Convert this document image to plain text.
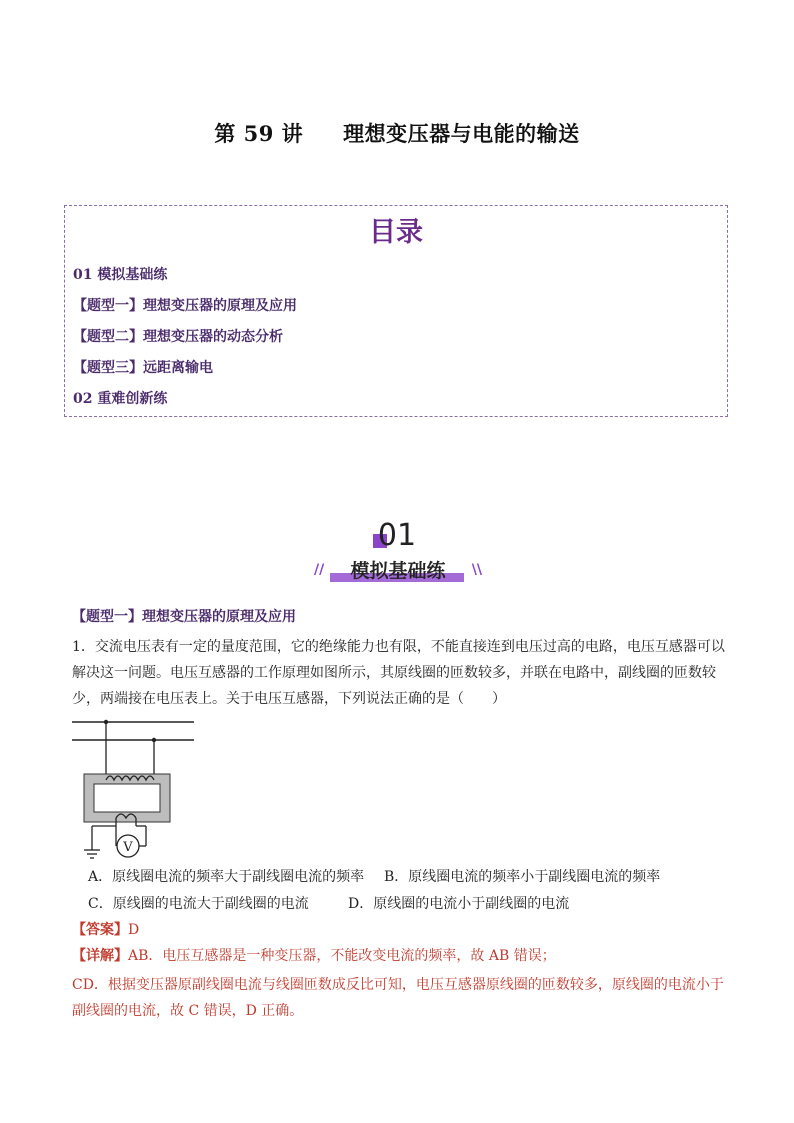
第 59 讲 理想变压器与电能的输送
目录
01 模拟基础练
【题型一】理想变压器的原理及应用
【题型二】理想变压器的动态分析
【题型三】远距离输电
02 重难创新练
01
//	模拟基础练	\\
【题型一】理想变压器的原理及应用
1．交流电压表有一定的量度范围，它的绝缘能力也有限，不能直接连到电压过高的电路，电压互感器可以
解决这一问题。电压互感器的工作原理如图所示，其原线圈的匝数较多，并联在电路中，副线圈的匝数较
少，两端接在电压表上。关于电压互感器，下列说法正确的是（　　）
V
A．原线圈电流的频率大于副线圈电流的频率 B．原线圈电流的频率小于副线圈电流的频率
C．原线圈的电流大于副线圈的电流	D．原线圈的电流小于副线圈的电流
【答案】D
【详解】AB．电压互感器是一种变压器，不能改变电流的频率，故 AB 错误；
CD．根据变压器原副线圈电流与线圈匝数成反比可知，电压互感器原线圈的匝数较多，原线圈的电流小于
副线圈的电流，故 C 错误，D 正确。
